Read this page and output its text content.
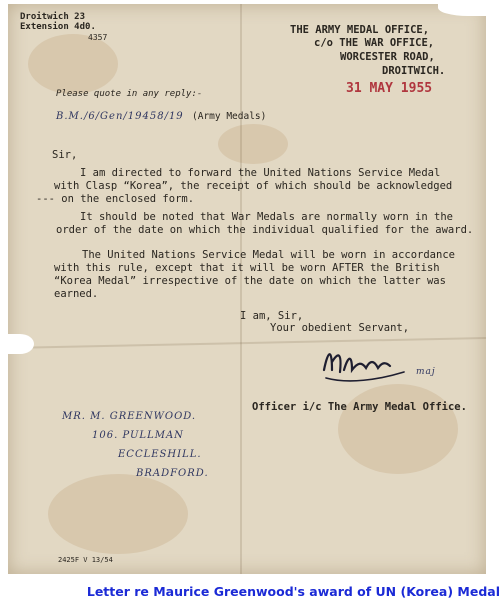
Droitwich 23
Extension 4d0.
4357
THE ARMY MEDAL OFFICE,
c/o THE WAR OFFICE,
WORCESTER ROAD,
DROITWICH.
31 MAY 1955
Please quote in any reply:-
B.M./6/Gen/19458/19 (Army Medals)
Sir,
I am directed to forward the United Nations Service Medal
with Clasp “Korea”, the receipt of which should be acknowledged
--- on the enclosed form.
It should be noted that War Medals are normally worn in the
order of the date on which the individual qualified for the award.
The United Nations Service Medal will be worn in accordance
with this rule, except that it will be worn AFTER the British
“Korea Medal” irrespective of the date on which the latter was
earned.
I am, Sir,
Your obedient Servant,
maj
Officer i/c The Army Medal Office.
MR. M. GREENWOOD.
106. PULLMAN
ECCLESHILL.
BRADFORD.
2425F V 13/54
Letter re Maurice Greenwood's award of UN (Korea) Medal
